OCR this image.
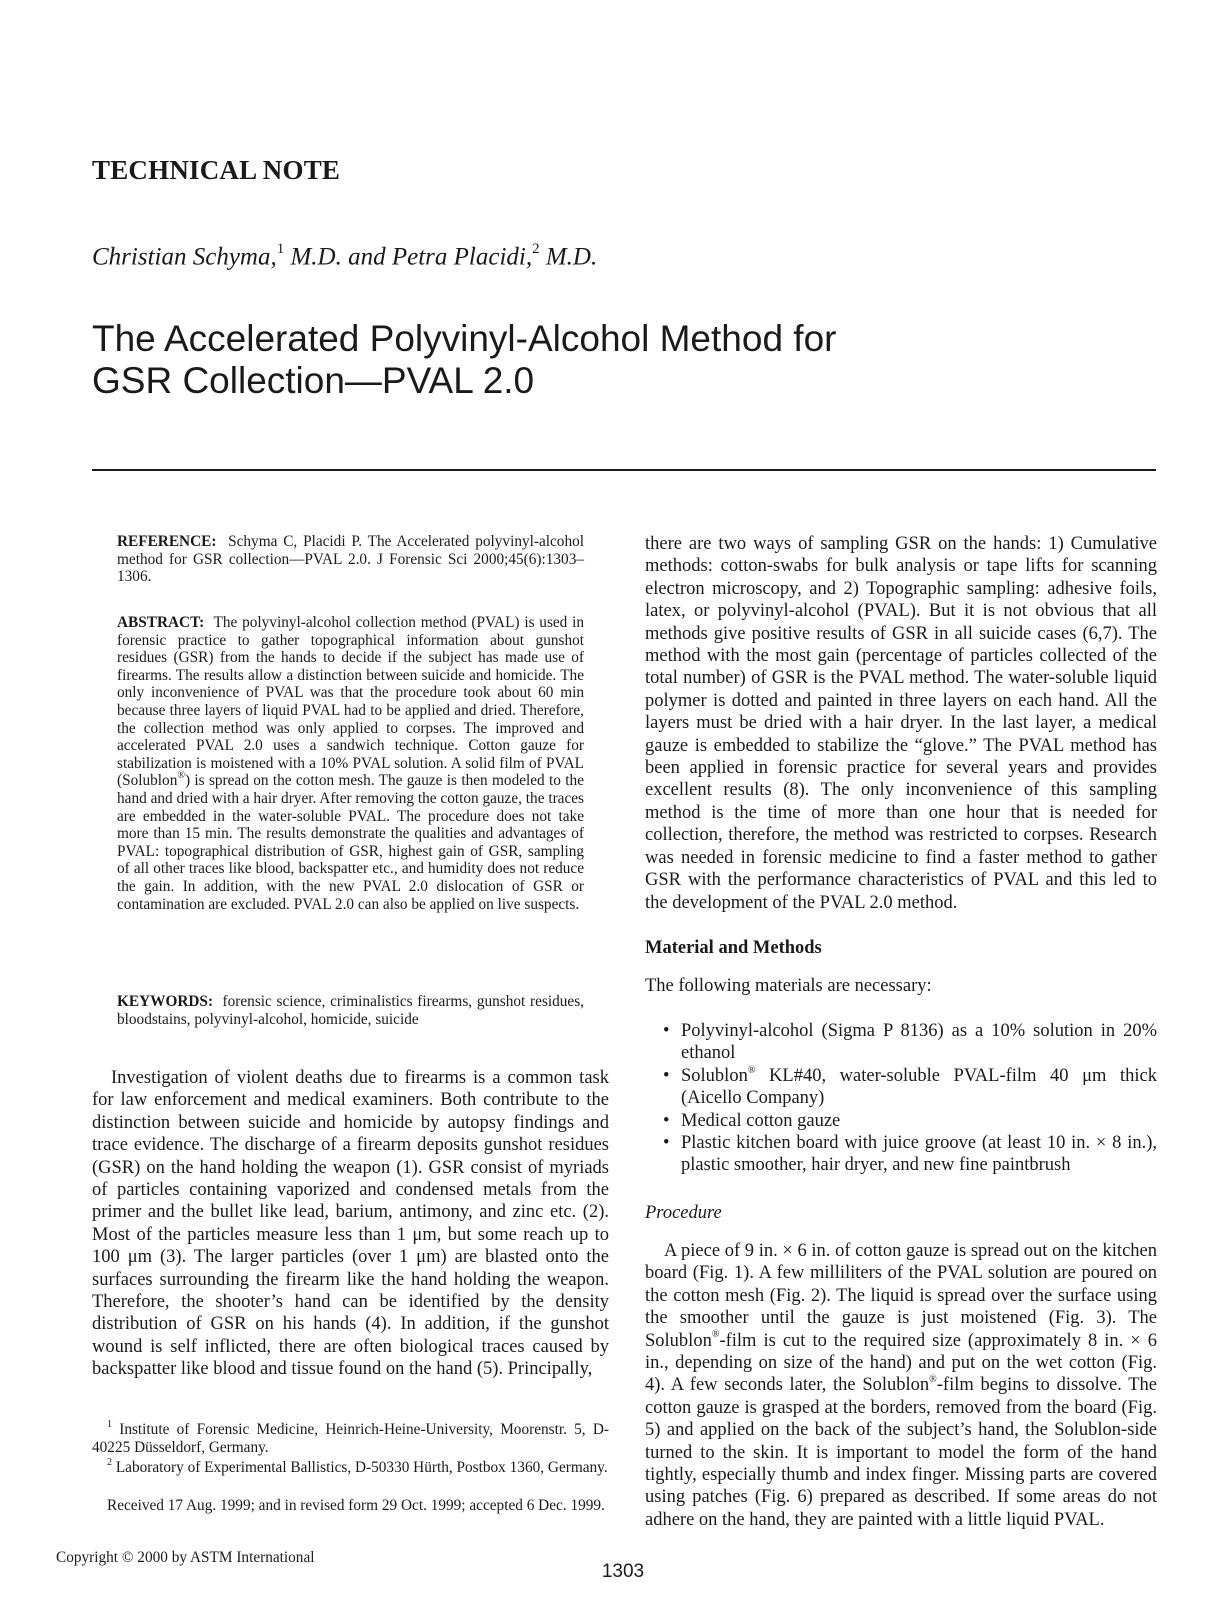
TECHNICAL NOTE
Christian Schyma,$^1$ M.D. and Petra Placidi,$^2$ M.D.
The Accelerated Polyvinyl-Alcohol Method for
GSR Collection—PVAL 2.0
REFERENCE: Schyma C, Placidi P. The Accelerated polyvinyl-alcohol method for GSR collection—PVAL 2.0. J Forensic Sci 2000;45(6):1303–1306.
ABSTRACT: The polyvinyl-alcohol collection method (PVAL) is used in forensic practice to gather topographical information about gunshot residues (GSR) from the hands to decide if the subject has made use of firearms. The results allow a distinction between suicide and homicide. The only inconvenience of PVAL was that the procedure took about 60 min because three layers of liquid PVAL had to be applied and dried. Therefore, the collection method was only applied to corpses. The improved and accelerated PVAL 2.0 uses a sandwich technique. Cotton gauze for stabilization is moistened with a 10% PVAL solution. A solid film of PVAL (Solublon®) is spread on the cotton mesh. The gauze is then modeled to the hand and dried with a hair dryer. After removing the cotton gauze, the traces are embedded in the water-soluble PVAL. The procedure does not take more than 15 min. The results demonstrate the qualities and advantages of PVAL: topographical distribution of GSR, highest gain of GSR, sampling of all other traces like blood, backspatter etc., and humidity does not reduce the gain. In addition, with the new PVAL 2.0 dislocation of GSR or contamination are excluded. PVAL 2.0 can also be applied on live suspects.
KEYWORDS: forensic science, criminalistics firearms, gunshot residues, bloodstains, polyvinyl-alcohol, homicide, suicide
Investigation of violent deaths due to firearms is a common task for law enforcement and medical examiners. Both contribute to the distinction between suicide and homicide by autopsy findings and trace evidence. The discharge of a firearm deposits gunshot residues (GSR) on the hand holding the weapon (1). GSR consist of myriads of particles containing vaporized and condensed metals from the primer and the bullet like lead, barium, antimony, and zinc etc. (2). Most of the particles measure less than 1 μm, but some reach up to 100 μm (3). The larger particles (over 1 μm) are blasted onto the surfaces surrounding the firearm like the hand holding the weapon. Therefore, the shooter’s hand can be identified by the density distribution of GSR on his hands (4). In addition, if the gunshot wound is self inflicted, there are often biological traces caused by backspatter like blood and tissue found on the hand (5). Principally,
$^1$ Institute of Forensic Medicine, Heinrich-Heine-University, Moorenstr. 5, D-40225 Düsseldorf, Germany.
$^2$ Laboratory of Experimental Ballistics, D-50330 Hürth, Postbox 1360, Germany.
Received 17 Aug. 1999; and in revised form 29 Oct. 1999; accepted 6 Dec. 1999.
there are two ways of sampling GSR on the hands: 1) Cumulative methods: cotton-swabs for bulk analysis or tape lifts for scanning electron microscopy, and 2) Topographic sampling: adhesive foils, latex, or polyvinyl-alcohol (PVAL). But it is not obvious that all methods give positive results of GSR in all suicide cases (6,7). The method with the most gain (percentage of particles collected of the total number) of GSR is the PVAL method. The water-soluble liquid polymer is dotted and painted in three layers on each hand. All the layers must be dried with a hair dryer. In the last layer, a medical gauze is embedded to stabilize the “glove.” The PVAL method has been applied in forensic practice for several years and provides excellent results (8). The only inconvenience of this sampling method is the time of more than one hour that is needed for collection, therefore, the method was restricted to corpses. Research was needed in forensic medicine to find a faster method to gather GSR with the performance characteristics of PVAL and this led to the development of the PVAL 2.0 method.
Material and Methods
The following materials are necessary:
• Polyvinyl-alcohol (Sigma P 8136) as a 10% solution in 20% ethanol
• Solublon® KL#40, water-soluble PVAL-film 40 μm thick (Aicello Company)
• Medical cotton gauze
• Plastic kitchen board with juice groove (at least 10 in. × 8 in.), plastic smoother, hair dryer, and new fine paintbrush
Procedure
A piece of 9 in. × 6 in. of cotton gauze is spread out on the kitchen board (Fig. 1). A few milliliters of the PVAL solution are poured on the cotton mesh (Fig. 2). The liquid is spread over the surface using the smoother until the gauze is just moistened (Fig. 3). The Solublon®-film is cut to the required size (approximately 8 in. × 6 in., depending on size of the hand) and put on the wet cotton (Fig. 4). A few seconds later, the Solublon®-film begins to dissolve. The cotton gauze is grasped at the borders, removed from the board (Fig. 5) and applied on the back of the subject’s hand, the Solublon-side turned to the skin. It is important to model the form of the hand tightly, especially thumb and index finger. Missing parts are covered using patches (Fig. 6) prepared as described. If some areas do not adhere on the hand, they are painted with a little liquid PVAL.
Copyright © 2000 by ASTM International
1303
